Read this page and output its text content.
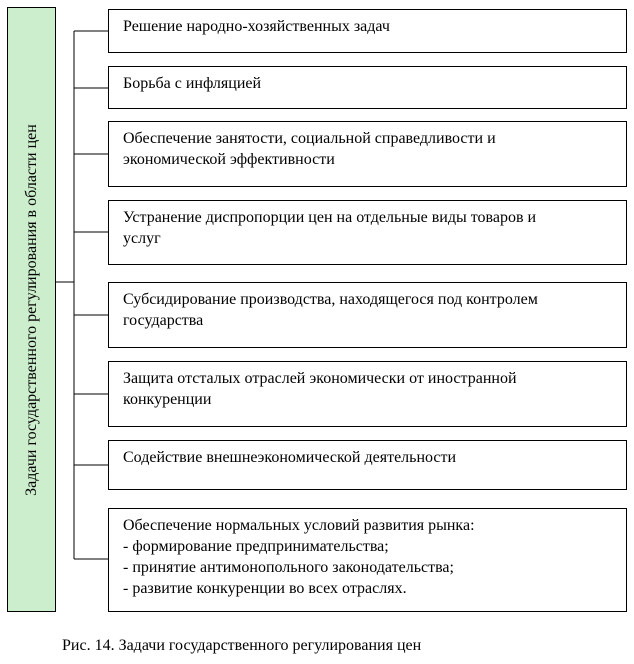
Задачи государственного регулирования в области цен
Решение народно-хозяйственных задач
Борьба с инфляцией
Обеспечение занятости, социальной справедливости и
экономической эффективности
Устранение диспропорции цен на отдельные виды товаров и
услуг
Субсидирование производства, находящегося под контролем
государства
Защита отсталых отраслей экономически от иностранной
конкуренции
Содействие внешнеэкономической деятельности
Обеспечение нормальных условий развития рынка:
- формирование предпринимательства;
- принятие антимонопольного законодательства;
- развитие конкуренции во всех отраслях.
Рис. 14. Задачи государственного регулирования цен
